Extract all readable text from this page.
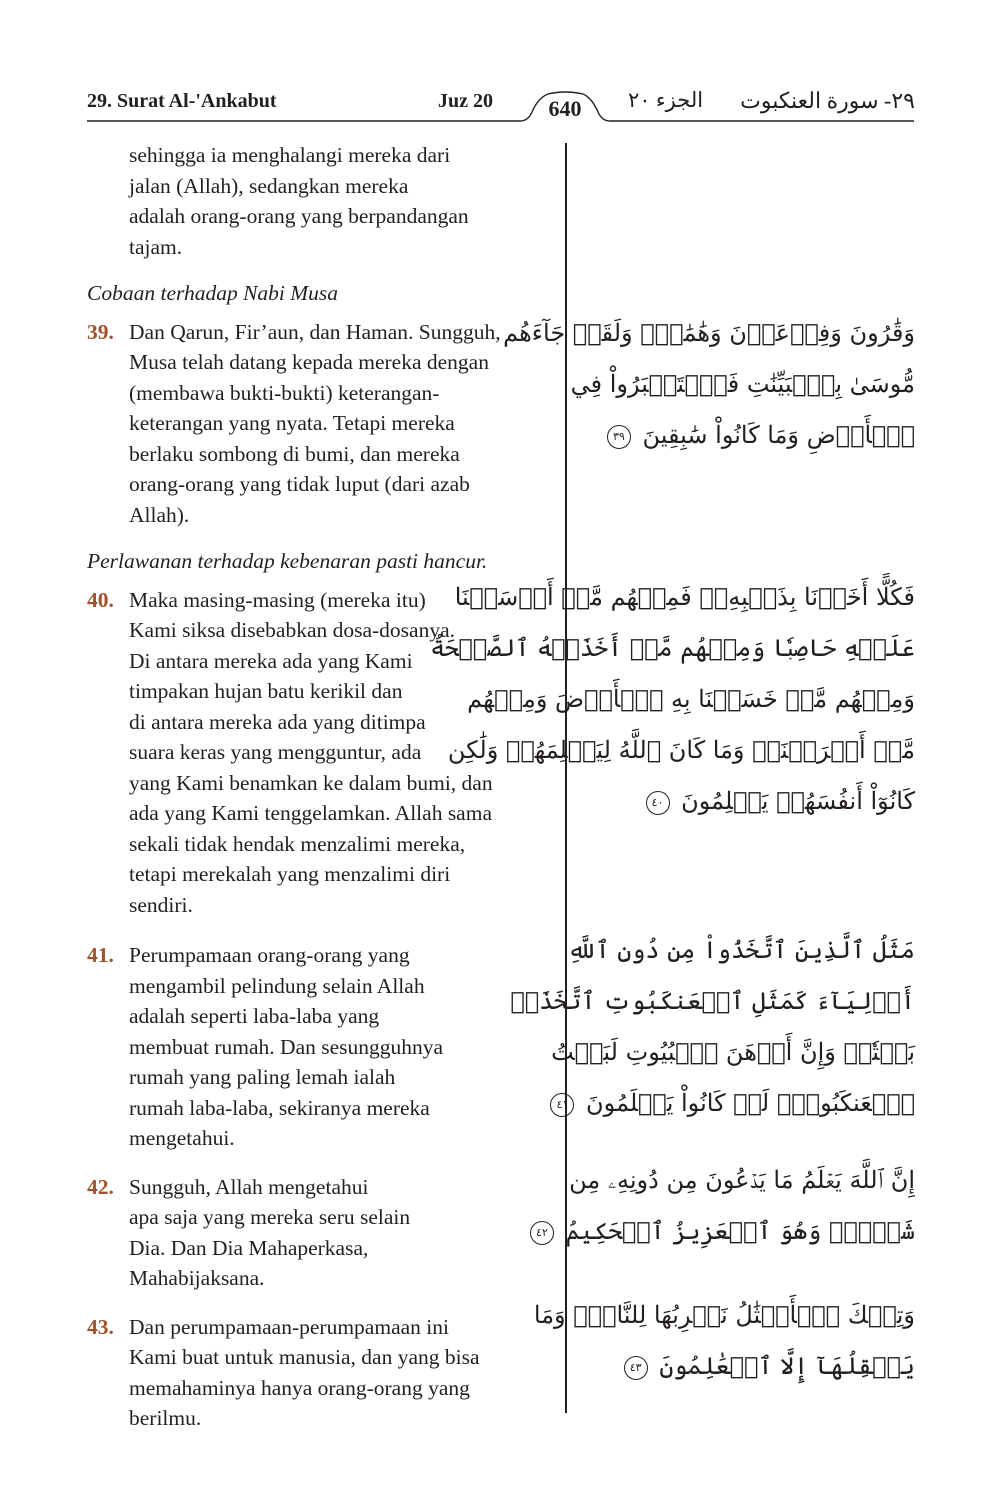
29. Surat Al-'Ankabut	Juz 20	640	الجزء ٢٠ ٢٩- سورة العنكبوت

sehingga ia menghalangi mereka dari
jalan (Allah), sedangkan mereka
adalah orang-orang yang berpandangan
tajam.

Cobaan terhadap Nabi Musa
39. Dan Qarun, Fir’aun, dan Haman. Sungguh,
Musa telah datang kepada mereka dengan
(membawa bukti-bukti) keterangan-
keterangan yang nyata. Tetapi mereka
berlaku sombong di bumi, dan mereka
orang-orang yang tidak luput (dari azab
Allah).
Perlawanan terhadap kebenaran pasti hancur.
40. Maka masing-masing (mereka itu)
Kami siksa disebabkan dosa-dosanya.
Di antara mereka ada yang Kami
timpakan hujan batu kerikil dan
di antara mereka ada yang ditimpa
suara keras yang mengguntur, ada
yang Kami benamkan ke dalam bumi, dan
ada yang Kami tenggelamkan. Allah sama
sekali tidak hendak menzalimi mereka,
tetapi merekalah yang menzalimi diri
sendiri.
41. Perumpamaan orang-orang yang
mengambil pelindung selain Allah
adalah seperti laba-laba yang
membuat rumah. Dan sesungguhnya
rumah yang paling lemah ialah
rumah laba-laba, sekiranya mereka
mengetahui.
42. Sungguh, Allah mengetahui
apa saja yang mereka seru selain
Dia. Dan Dia Mahaperkasa,
Mahabijaksana.
43. Dan perumpamaan-perumpamaan ini
Kami buat untuk manusia, dan yang bisa
memahaminya hanya orang-orang yang
berilmu.
وَقَٰرُونَ وَفِرۡعَوۡنَ وَهَٰمَٰنَۖ وَلَقَدۡ جَآءَهُم
مُّوسَىٰ بِٱلۡبَيِّنَٰتِ فَٱسۡتَكۡبَرُواْ فِي
ٱلۡأَرۡضِ وَمَا كَانُواْ سَٰبِقِينَ ٣٩
فَكُلًّا أَخَذۡنَا بِذَنۢبِهِۦۖ فَمِنۡهُم مَّنۡ أَرۡسَلۡنَا
عَلَيۡهِ حَاصِبٗا وَمِنۡهُم مَّنۡ أَخَذَتۡهُ ٱلصَّيۡحَةُ
وَمِنۡهُم مَّنۡ خَسَفۡنَا بِهِ ٱلۡأَرۡضَ وَمِنۡهُم
مَّنۡ أَغۡرَقۡنَاۚ وَمَا كَانَ ٱللَّهُ لِيَظۡلِمَهُمۡ وَلَٰكِن
كَانُوٓاْ أَنفُسَهُمۡ يَظۡلِمُونَ ٤٠
مَثَلُ ٱلَّذِينَ ٱتَّخَذُواْ مِن دُونِ ٱللَّهِ
أَوۡلِيَآءَ كَمَثَلِ ٱلۡعَنكَبُوتِ ٱتَّخَذَتۡ
بَيۡتٗاۖ وَإِنَّ أَوۡهَنَ ٱلۡبُيُوتِ لَبَيۡتُ
ٱلۡعَنكَبُوتِۚ لَوۡ كَانُواْ يَعۡلَمُونَ ٤١
إِنَّ ٱللَّهَ يَعۡلَمُ مَا يَدۡعُونَ مِن دُونِهِۦ مِن
شَيۡءٖۚ وَهُوَ ٱلۡعَزِيزُ ٱلۡحَكِيمُ ٤٢
وَتِلۡكَ ٱلۡأَمۡثَٰلُ نَضۡرِبُهَا لِلنَّاسِۖ وَمَا
يَعۡقِلُهَآ إِلَّا ٱلۡعَٰلِمُونَ ٤٣
